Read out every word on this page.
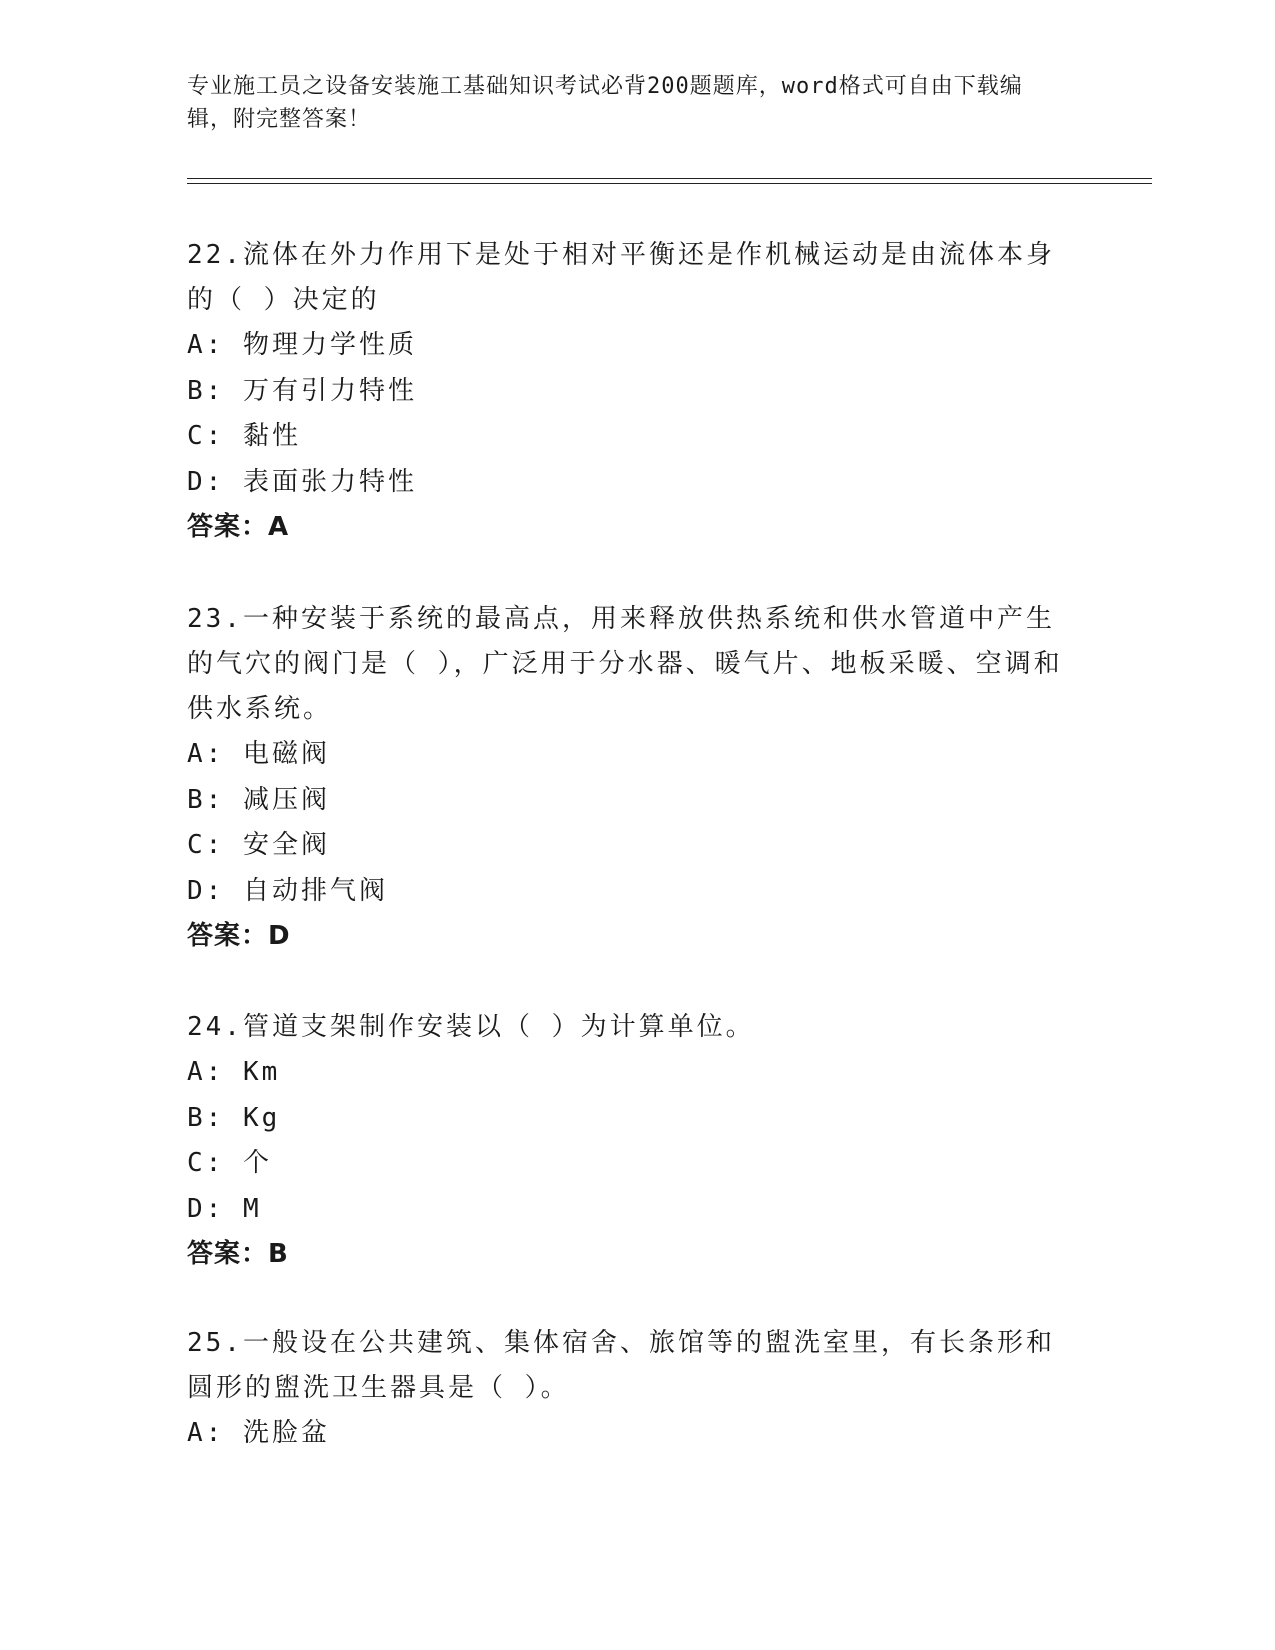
专业施工员之设备安装施工基础知识考试必背200题题库，word格式可自由下载编辑，附完整答案！

22.流体在外力作用下是处于相对平衡还是作机械运动是由流体本身的（ ）决定的

A: 物理力学性质

B: 万有引力特性

C: 黏性

D: 表面张力特性

答案：A

23.一种安装于系统的最高点，用来释放供热系统和供水管道中产生的气穴的阀门是（ ），广泛用于分水器、暖气片、地板采暖、空调和供水系统。

A: 电磁阀

B: 减压阀

C: 安全阀

D: 自动排气阀

答案：D

24.管道支架制作安装以（ ）为计算单位。

A: Km

B: Kg

C: 个

D: M

答案：B

25.一般设在公共建筑、集体宿舍、旅馆等的盥洗室里，有长条形和圆形的盥洗卫生器具是（ ）。

A: 洗脸盆
